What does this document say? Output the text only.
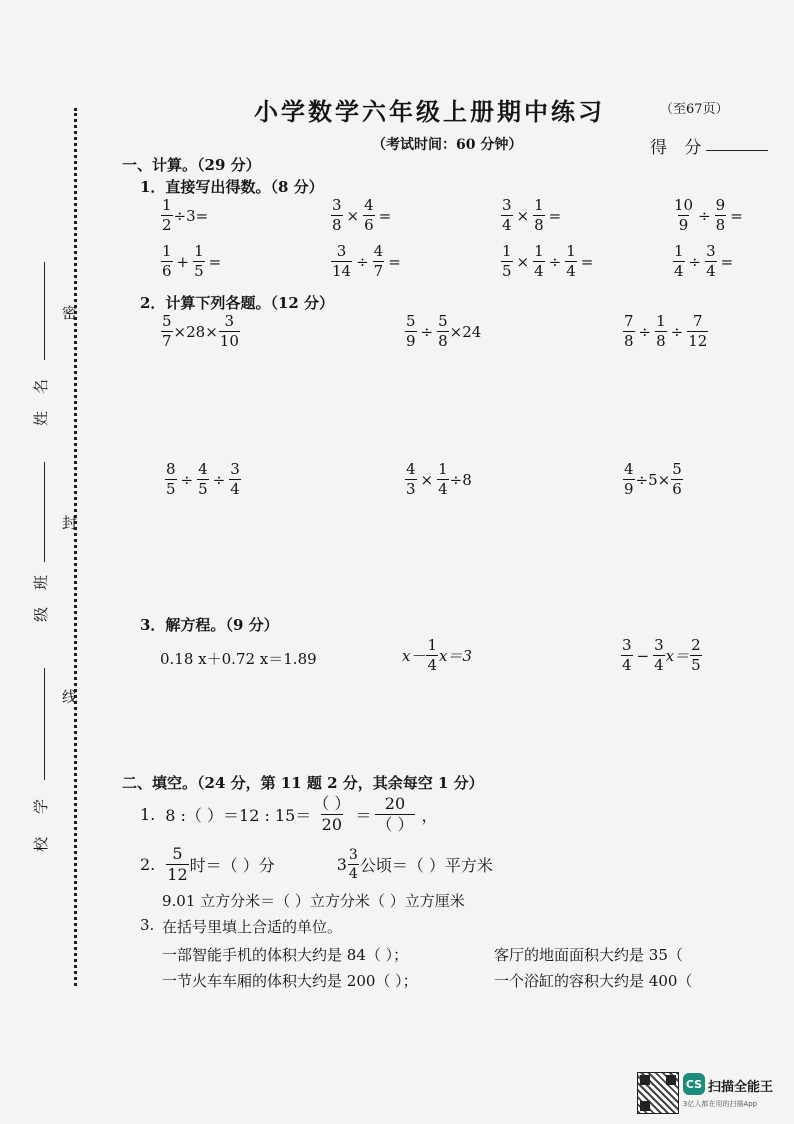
密
封
线
名
姓
班
级
学
校
小学数学六年级上册期中练习	（至67页）
（考试时间：60 分钟）	得 分
一、计算。（29 分）
1．直接写出得数。（8 分）
$\frac{1}{2} \div 3=$	$\frac{3}{8} \times \frac{4}{6}$ =	$\frac{3}{4} \times \frac{1}{8}$ =	$\frac{10}{9} \div \frac{9}{8}$ =
$\frac{1}{6} + \frac{1}{5}$ =	$\frac{3}{14} \div \frac{4}{7}$ =	$\frac{1}{5} \times \frac{1}{4} \div \frac{1}{4}$ =	$\frac{1}{4} \div \frac{3}{4}$ =
2．计算下列各题。（12 分）
$\frac{5}{7} \times 28\times \frac{3}{10}$	$\frac{5}{9} \div \frac{5}{8} \times 24$	$\frac{7}{8} \div \frac{1}{8} \div \frac{7}{12}$
$\frac{8}{5} \div \frac{4}{5} \div \frac{3}{4}$	$\frac{4}{3} \times \frac{1}{4} \div 8$	$\frac{4}{9} \div 5\times \frac{5}{6}$
3．解方程。（9 分）
0.18 x＋0.72 x＝1.89	$x- \frac{1}{4} x=3$	$\frac{3}{4} - \frac{3}{4} x= \frac{2}{5}$
二、填空。（24 分，第 11 题 2 分，其余每空 1 分）
1. 8 :（ ）＝12 : $15= \frac{( )}{20} = \frac{20}{( )}$ ，
2. $\frac{5}{12}$ 时＝（ ）分	$3 \frac{3}{4}$ 公顷＝（ ）平方米
9.01 立方分米＝（ ）立方分米（ ）立方厘米
3. 在括号里填上合适的单位。
一部智能手机的体积大约是 84（ ）；	客厅的地面面积大约是 35（
一节火车车厢的体积大约是 200（ ）；	一个浴缸的容积大约是 400（
CS 扫描全能王
3亿人都在用的扫描App
